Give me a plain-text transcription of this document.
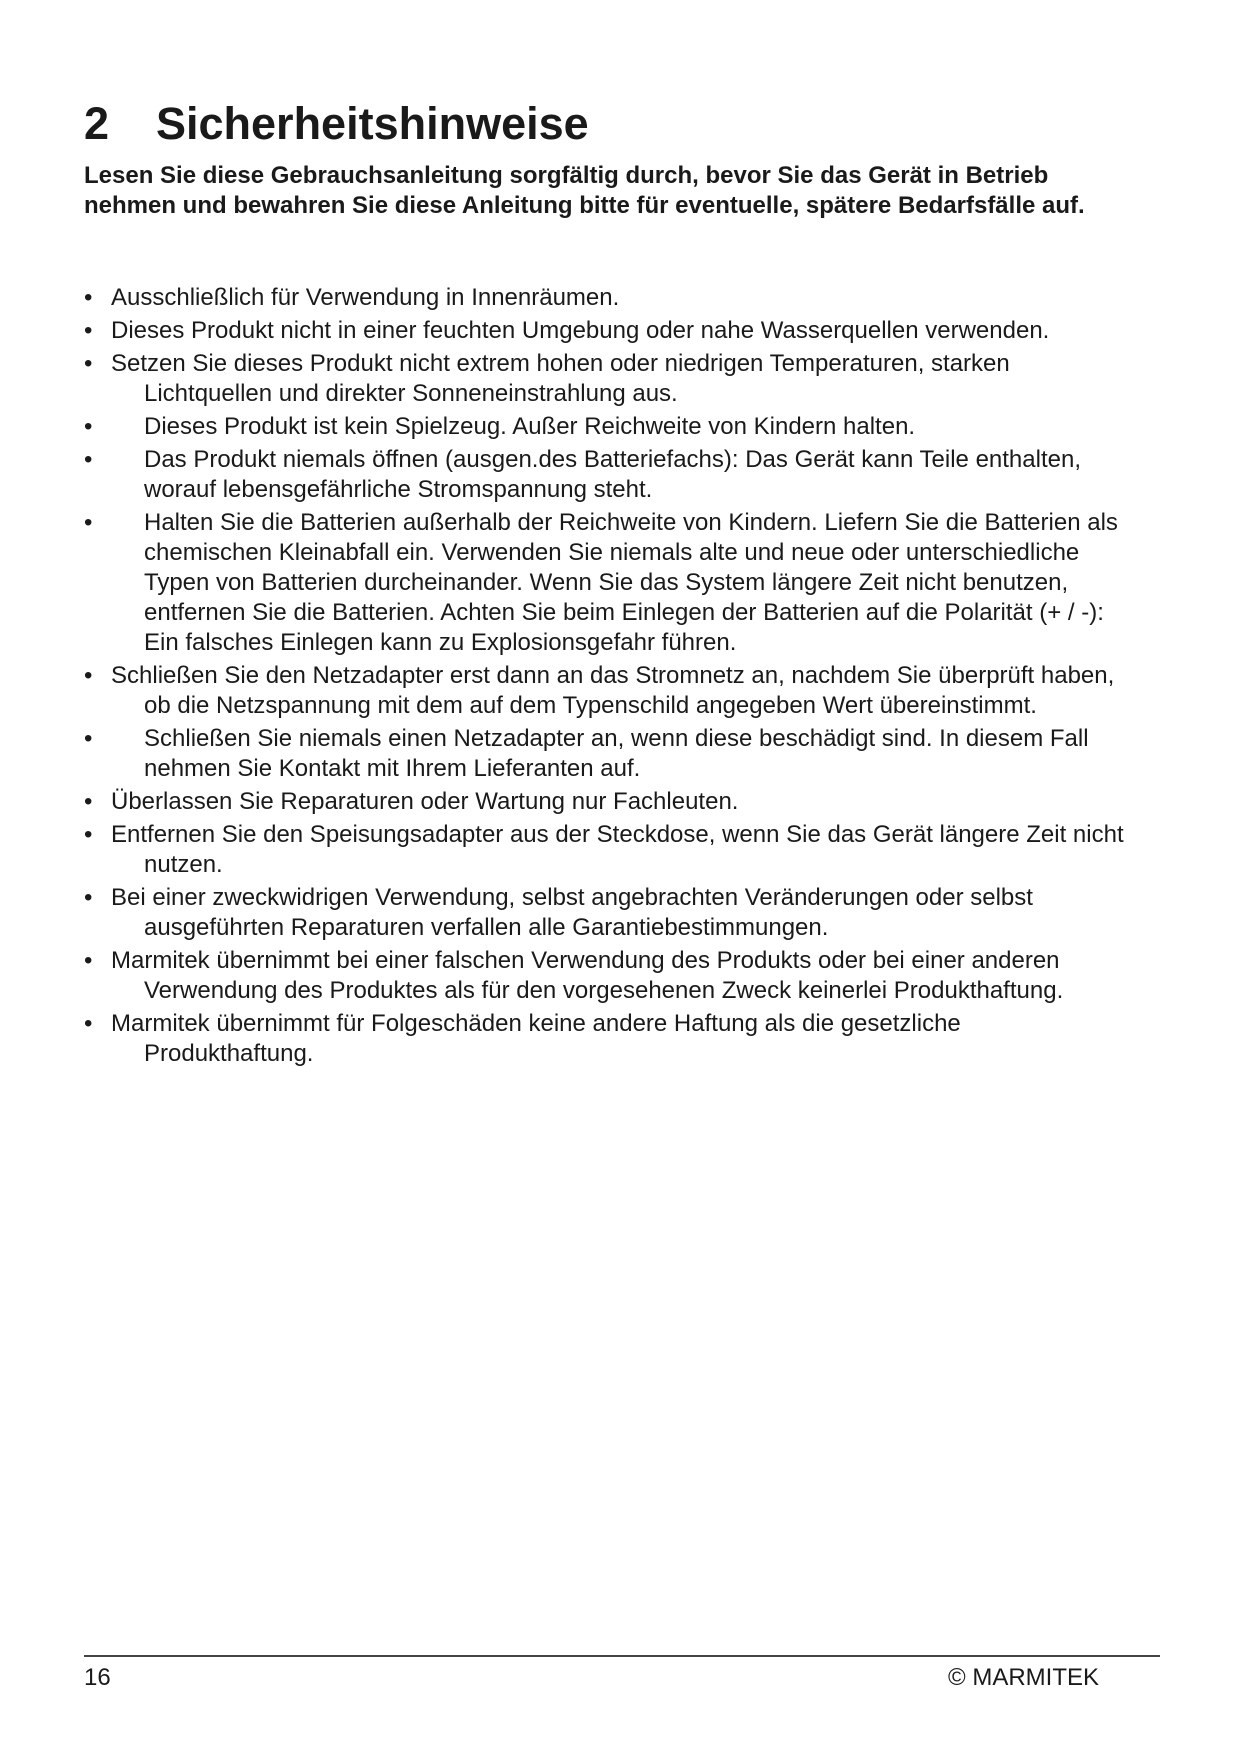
2 Sicherheitshinweise

Lesen Sie diese Gebrauchsanleitung sorgfältig durch, bevor Sie das Gerät in Betrieb nehmen und bewahren Sie diese Anleitung bitte für eventuelle, spätere Bedarfsfälle auf.

• Ausschließlich für Verwendung in Innenräumen.
• Dieses Produkt nicht in einer feuchten Umgebung oder nahe Wasserquellen verwenden.
• Setzen Sie dieses Produkt nicht extrem hohen oder niedrigen Temperaturen, starken Lichtquellen und direkter Sonneneinstrahlung aus.
•	Dieses Produkt ist kein Spielzeug. Außer Reichweite von Kindern halten.
•	Das Produkt niemals öffnen (ausgen.des Batteriefachs): Das Gerät kann Teile enthalten, worauf lebensgefährliche Stromspannung steht.
•	Halten Sie die Batterien außerhalb der Reichweite von Kindern. Liefern Sie die Batterien als chemischen Kleinabfall ein. Verwenden Sie niemals alte und neue oder unterschiedliche Typen von Batterien durcheinander. Wenn Sie das System längere Zeit nicht benutzen, entfernen Sie die Batterien. Achten Sie beim Einlegen der Batterien auf die Polarität (+ / -): Ein falsches Einlegen kann zu Explosionsgefahr führen.
• Schließen Sie den Netzadapter erst dann an das Stromnetz an, nachdem Sie überprüft haben, ob die Netzspannung mit dem auf dem Typenschild angegeben Wert übereinstimmt.
•	Schließen Sie niemals einen Netzadapter an, wenn diese beschädigt sind. In diesem Fall nehmen Sie Kontakt mit Ihrem Lieferanten auf.
• Überlassen Sie Reparaturen oder Wartung nur Fachleuten.
• Entfernen Sie den Speisungsadapter aus der Steckdose, wenn Sie das Gerät längere Zeit nicht nutzen.
• Bei einer zweckwidrigen Verwendung, selbst angebrachten Veränderungen oder selbst ausgeführten Reparaturen verfallen alle Garantiebestimmungen.
• Marmitek übernimmt bei einer falschen Verwendung des Produkts oder bei einer anderen Verwendung des Produktes als für den vorgesehenen Zweck keinerlei Produkthaftung.
• Marmitek übernimmt für Folgeschäden keine andere Haftung als die gesetzliche Produkthaftung.
16	© MARMITEK
